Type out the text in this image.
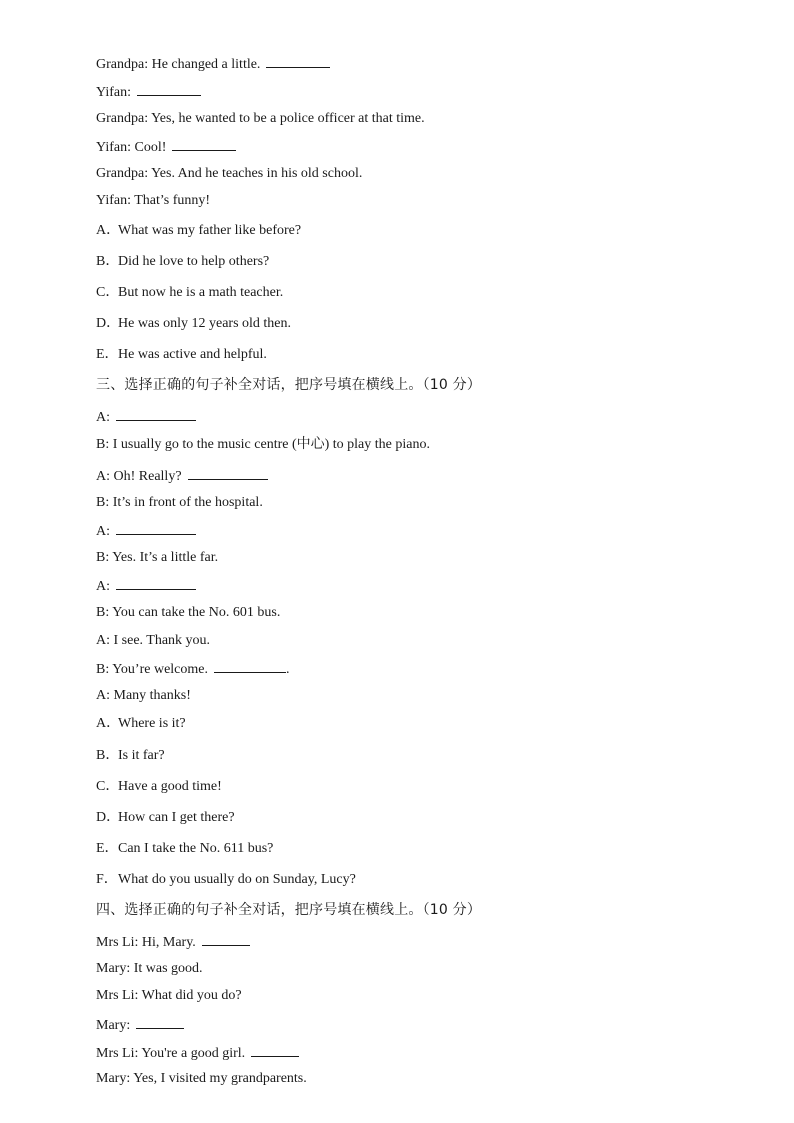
Grandpa: He changed a little.
Yifan:
Grandpa: Yes, he wanted to be a police officer at that time.
Yifan: Cool!
Grandpa: Yes. And he teaches in his old school.
Yifan: That’s funny!
A．What was my father like before?
B．Did he love to help others?
C．But now he is a math teacher.
D．He was only 12 years old then.
E．He was active and helpful.
三、选择正确的句子补全对话，把序号填在横线上。（10 分）
A:
B: I usually go to the music centre (中心) to play the piano.
A: Oh! Really?
B: It’s in front of the hospital.
A:
B: Yes. It’s a little far.
A:
B: You can take the No. 601 bus.
A: I see. Thank you.
B: You’re welcome.	.
A: Many thanks!
A．Where is it?
B．Is it far?
C．Have a good time!
D．How can I get there?
E．Can I take the No. 611 bus?
F．What do you usually do on Sunday, Lucy?
四、选择正确的句子补全对话，把序号填在横线上。（10 分）
Mrs Li: Hi, Mary.
Mary: It was good.
Mrs Li: What did you do?
Mary:
Mrs Li: You're a good girl.
Mary: Yes, I visited my grandparents.
